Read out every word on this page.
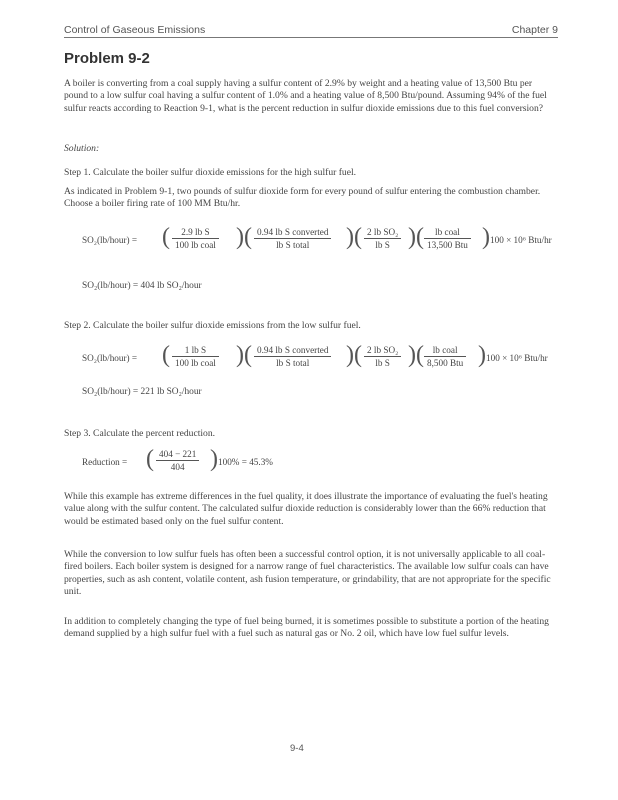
Control of Gaseous Emissions	Chapter 9
Problem 9-2
A boiler is converting from a coal supply having a sulfur content of 2.9% by weight and a heating value of 13,500 Btu per pound to a low sulfur coal having a sulfur content of 1.0% and a heating value of 8,500 Btu/pound. Assuming 94% of the fuel sulfur reacts according to Reaction 9-1, what is the percent reduction in sulfur dioxide emissions due to this fuel conversion?
Solution:
Step 1. Calculate the boiler sulfur dioxide emissions for the high sulfur fuel.
As indicated in Problem 9-1, two pounds of sulfur dioxide form for every pound of sulfur entering the combustion chamber. Choose a boiler firing rate of 100 MM Btu/hr.
SO₂(lb/hour) = (	2.9 lb S
100 lb coal )( 0.94 lb S converted
lb S total	)( $\frac{\text{2 lb SO₂}}{\text{lb S}}$ )(	lb coal
13,500 Btu ) 100 × 10⁶ Btu/hr
SO₂(lb/hour) = 404 lb SO₂/hour
Step 2. Calculate the boiler sulfur dioxide emissions from the low sulfur fuel.
SO₂(lb/hour) = (	1 lb S
100 lb coal )( 0.94 lb S converted
lb S total	)( $\frac{\text{2 lb SO₂}}{\text{lb S}}$ )( lb coal
8,500 Btu ) 100 × 10⁶ Btu/hr
SO₂(lb/hour) = 221 lb SO₂/hour
Step 3. Calculate the percent reduction.
Reduction = ( $\frac{404 - 221}{404}$ ) 100% = 45.3%
While this example has extreme differences in the fuel quality, it does illustrate the importance of evaluating the fuel's heating value along with the sulfur content. The calculated sulfur dioxide reduction is considerably lower than the 66% reduction that would be estimated based only on the fuel sulfur content.
While the conversion to low sulfur fuels has often been a successful control option, it is not universally applicable to all coal-fired boilers. Each boiler system is designed for a narrow range of fuel characteristics. The available low sulfur coals can have properties, such as ash content, volatile content, ash fusion temperature, or grindability, that are not appropriate for the specific unit.
In addition to completely changing the type of fuel being burned, it is sometimes possible to substitute a portion of the heating demand supplied by a high sulfur fuel with a fuel such as natural gas or No. 2 oil, which have low fuel sulfur levels.
9-4
